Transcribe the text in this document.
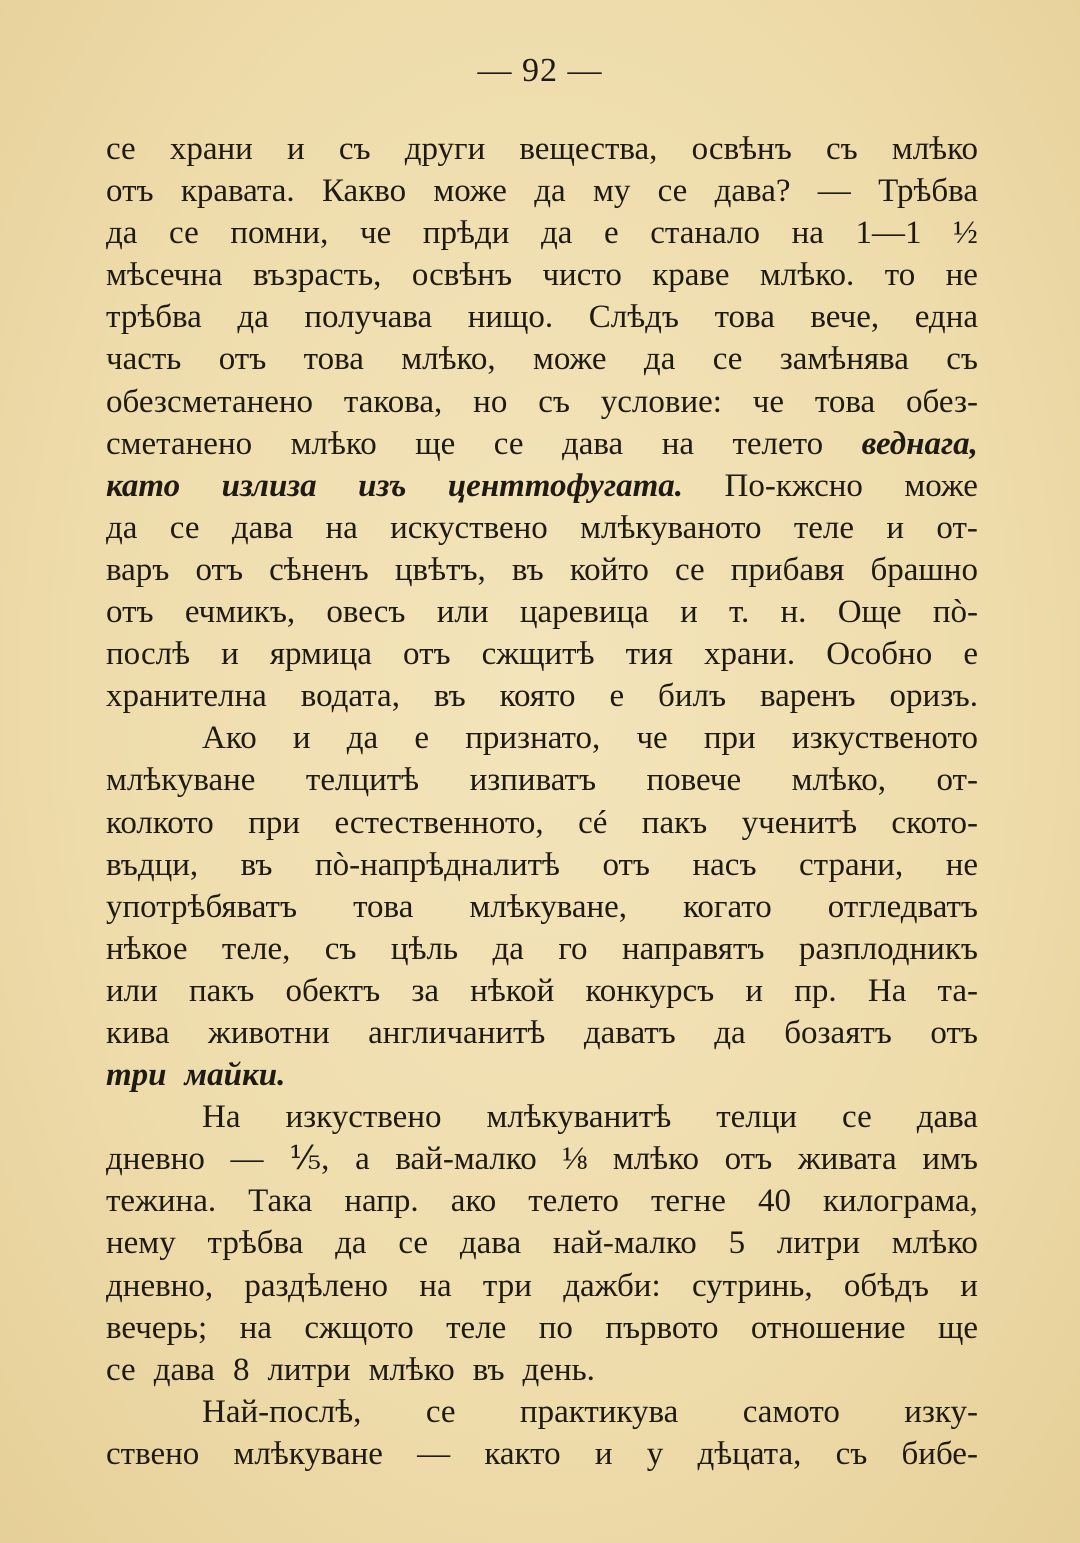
— 92 —
се храни и съ други вещества, освѣнъ съ млѣко
отъ кравата. Какво може да му се дава? — Трѣбва
да се помни, че прѣди да е станало на 1—1 ½
мѣсечна възрасть, освѣнъ чисто краве млѣко. то не
трѣбва да получава нищо. Слѣдъ това вече, една
часть отъ това млѣко, може да се замѣнява съ
обезсметанено такова, но съ условие: че това обез-
сметанено млѣко ще се дава на телето веднага,
като излиза изъ центтофугата. По-кжсно може
да се дава на искуствено млѣкуваното теле и от-
варъ отъ сѣненъ цвѣтъ, въ който се прибавя брашно
отъ ечмикъ, овесъ или царевица и т. н. Още пò-
послѣ и ярмица отъ сжщитѣ тия храни. Особно е
хранителна водата, въ която е билъ варенъ оризъ.
Ако и да е признато, че при изкуственото
млѣкуване телцитѣ изпиватъ повече млѣко, от-
колкото при естественното, сé пакъ ученитѣ ското-
въдци, въ пò-напрѣдналитѣ отъ насъ страни, не
употрѣбяватъ това млѣкуване, когато отгледватъ
нѣкое теле, съ цѣль да го направятъ разплодникъ
или пакъ обектъ за нѣкой конкурсъ и пр. На та-
кива животни англичанитѣ даватъ да бозаятъ отъ
три майки.
На изкуствено млѣкуванитѣ телци се дава
дневно — ⅕, а вай-малко ⅛ млѣко отъ живата имъ
тежина. Така напр. ако телето тегне 40 килограма,
нему трѣбва да се дава най-малко 5 литри млѣко
дневно, раздѣлено на три дажби: сутринь, обѣдъ и
вечерь; на сжщото теле по първото отношение ще
се дава 8 литри млѣко въ день.
Най-послѣ, се практикува самото изку-
ствено млѣкуване — както и у дѣцата, съ бибе-
